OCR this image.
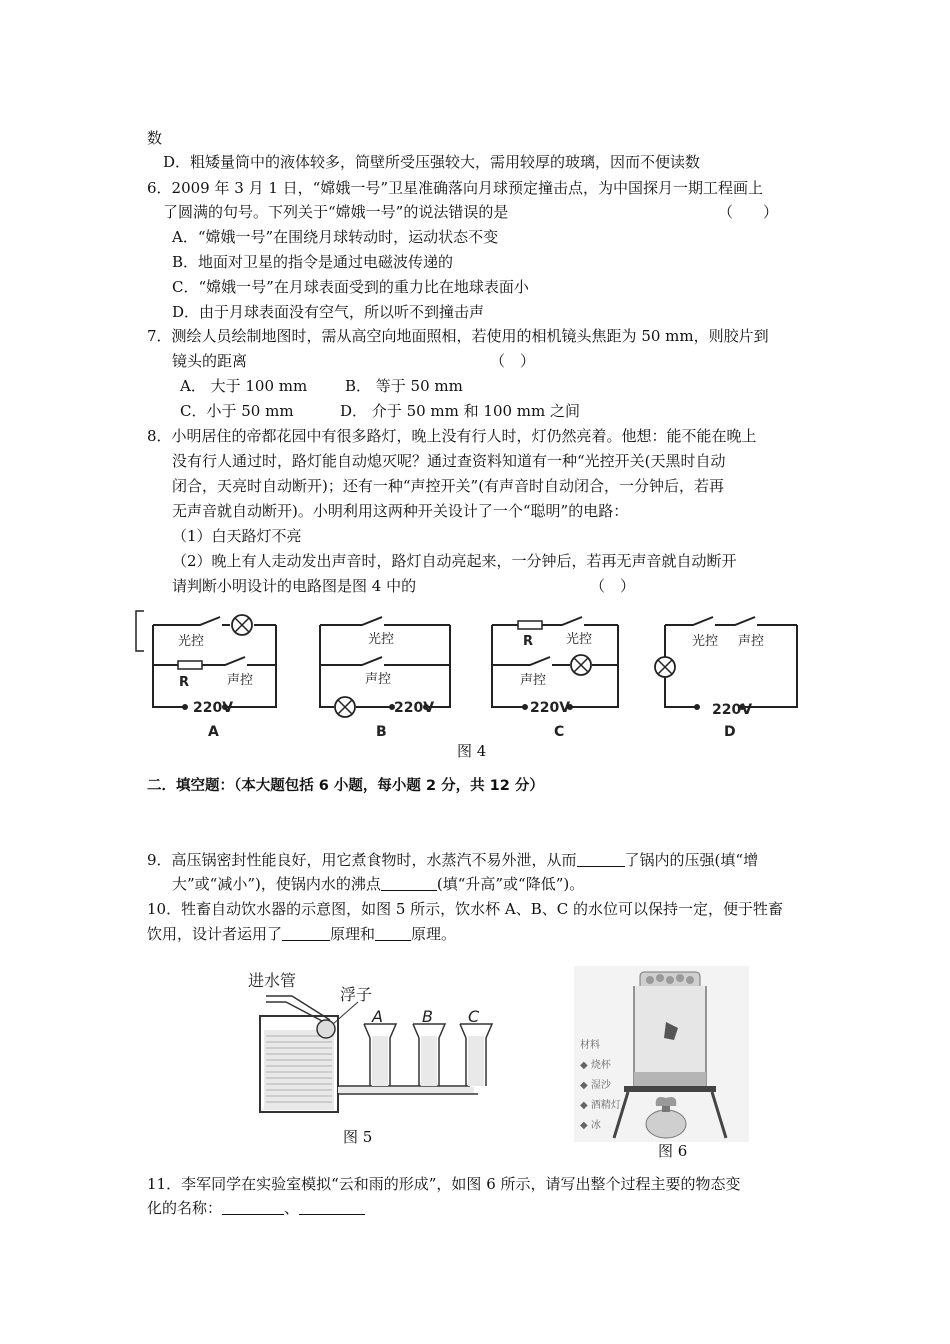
数
D．粗矮量筒中的液体较多，筒壁所受压强较大，需用较厚的玻璃，因而不便读数
6．2009 年 3 月 1 日，“嫦娥一号”卫星准确落向月球预定撞击点，为中国探月一期工程画上
了圆满的句号。下列关于“嫦娥一号”的说法错误的是	（　　）
A．“嫦娥一号”在围绕月球转动时，运动状态不变
B．地面对卫星的指令是通过电磁波传递的
C．“嫦娥一号”在月球表面受到的重力比在地球表面小
D．由于月球表面没有空气，所以听不到撞击声
7．测绘人员绘制地图时，需从高空向地面照相，若使用的相机镜头焦距为 50 mm，则胶片到
镜头的距离	（　）
A． 大于 100 mm	B． 等于 50 mm
C．小于 50 mm	D． 介于 50 mm 和 100 mm 之间
8．小明居住的帝都花园中有很多路灯，晚上没有行人时，灯仍然亮着。他想：能不能在晚上
没有行人通过时，路灯能自动熄灭呢？通过查资料知道有一种“光控开关(天黑时自动
闭合，天亮时自动断开)；还有一种“声控开关”(有声音时自动闭合，一分钟后，若再
无声音就自动断开)。小明利用这两种开关设计了一个“聪明”的电路：
（1）白天路灯不亮
（2）晚上有人走动发出声音时，路灯自动亮起来，一分钟后，若再无声音就自动断开
请判断小明设计的电路图是图 4 中的	（　）
光控
R	声控
220V
A
光控
声控
220V
B
R	光控
声控
220V
C
光控 声控
220V
D
图 4
二．填空题：（本大题包括 6 小题，每小题 2 分，共 12 分）
9．高压锅密封性能良好，用它煮食物时，水蒸汽不易外泄，从而	了锅内的压强(填“增
大”或“减小”)，使锅内水的沸点	(填“升高”或“降低”)。
10．牲畜自动饮水器的示意图，如图 5 所示，饮水杯 A、B、C 的水位可以保持一定，便于牲畜
饮用，设计者运用了	原理和 原理。
进水管
浮子
A B C
图 5
材料
◆ 烧杯
◆ 湿沙
◆ 酒精灯
◆ 冰
图 6
11．李军同学在实验室模拟“云和雨的形成”，如图 6 所示，请写出整个过程主要的物态变
化的名称：	、
